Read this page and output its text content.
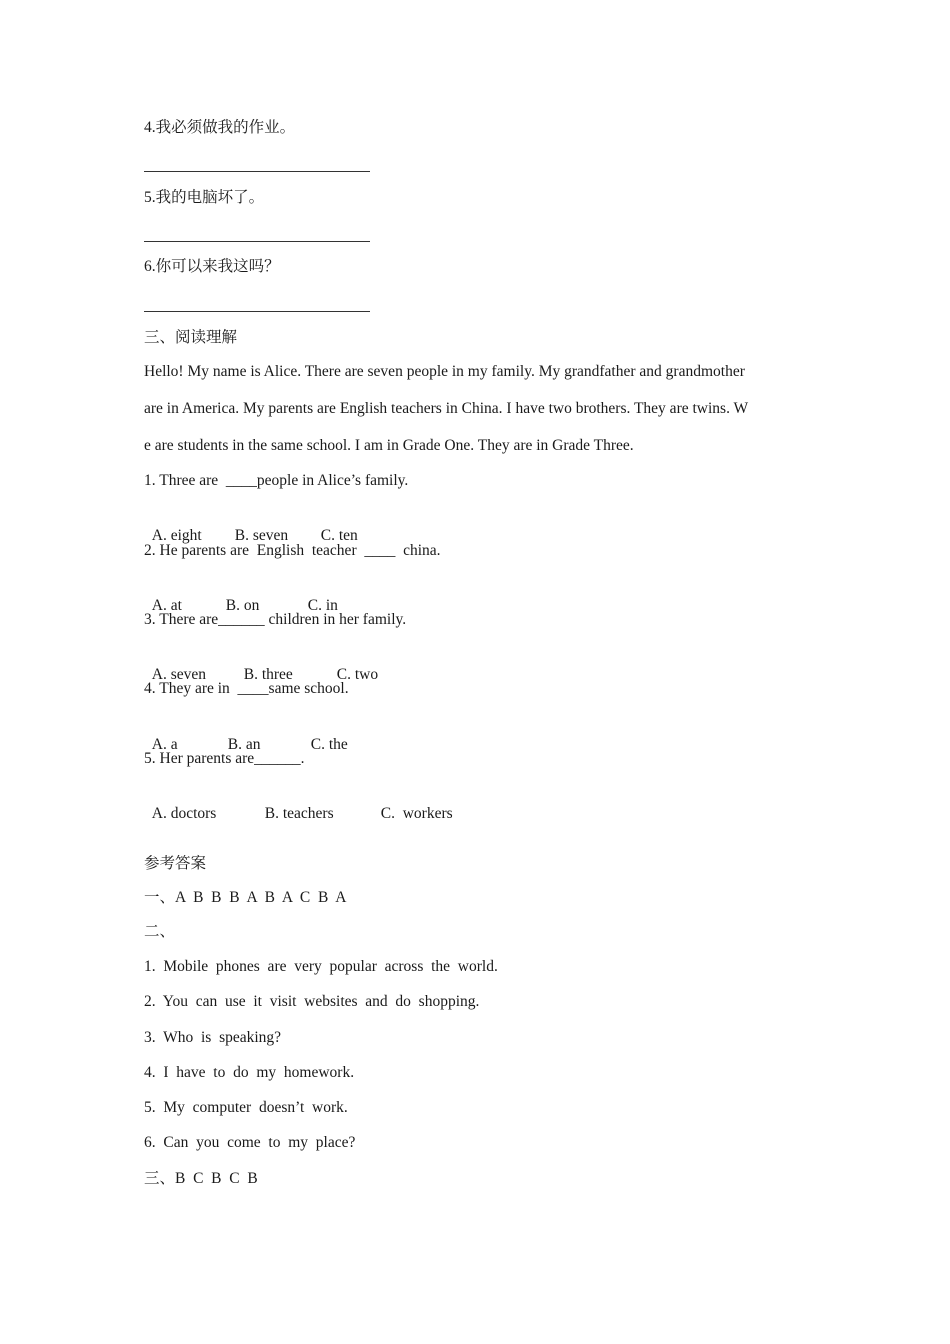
4.我必须做我的作业。
5.我的电脑坏了。
6.你可以来我这吗？
三、阅读理解
Hello! My name is Alice. There are seven people in my family. My grandfather and grandmother
are in America. My parents are English teachers in China. I have two brothers. They are twins. W
e are students in the same school. I am in Grade One. They are in Grade Three.
1. Three are  ____people in Alice’s family.

A. eight B. seven C. ten

2. He parents are  English  teacher  ____  china.

A. at	B. on	C. in

3. There are______ children in her family.

A. seven B. three	C. two

4. They are in  ____same school.

A. a	B. an	C. the

5. Her parents are______.

A. doctors	B. teachers	C.  workers

参考答案
一、A  B  B  B  A  B  A  C  B  A
二、
1.  Mobile  phones  are  very  popular  across  the  world.
2.  You  can  use  it  visit  websites  and  do  shopping.
3.  Who  is  speaking?
4.  I  have  to  do  my  homework.
5.  My  computer  doesn’t  work.
6.  Can  you  come  to  my  place?
三、B  C  B  C  B
